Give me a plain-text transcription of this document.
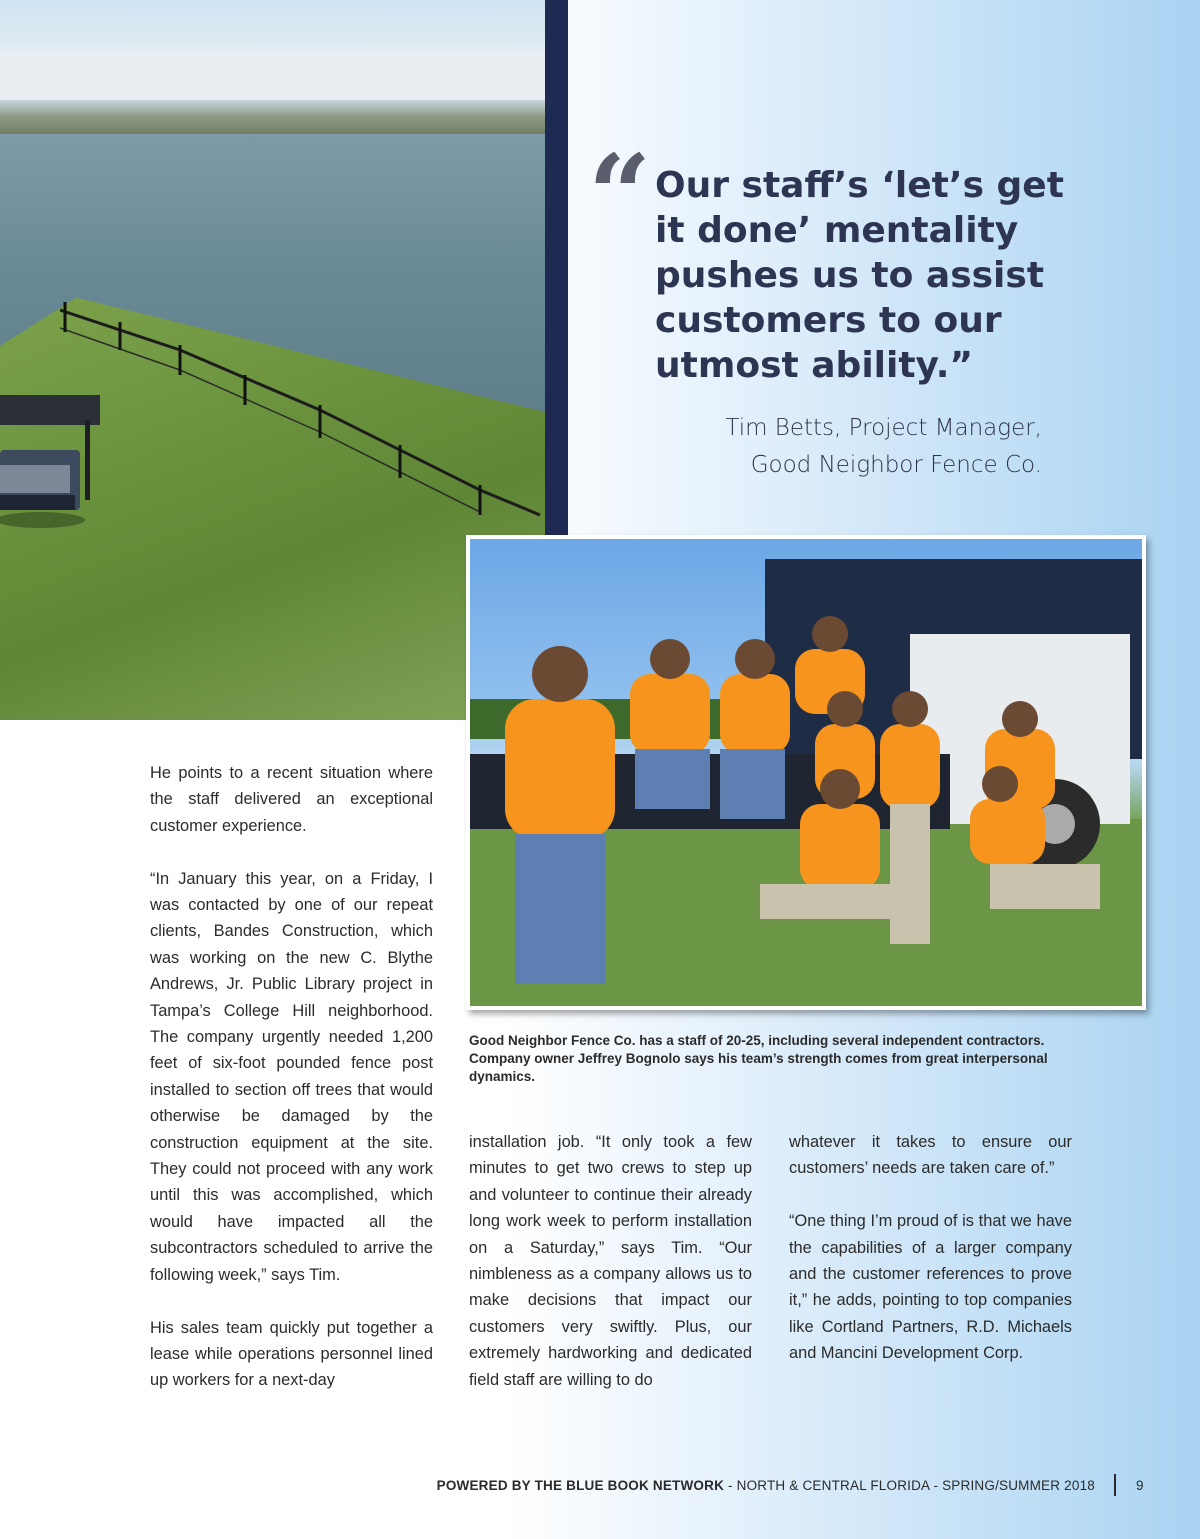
“ Our staff’s ‘let’s get it done’ mentality pushes us to assist customers to our utmost ability.”
Tim Betts, Project Manager,
Good Neighbor Fence Co.
Good Neighbor Fence Co. has a staff of 20-25, including several independent contractors. Company owner Jeffrey Bognolo says his team’s strength comes from great interpersonal dynamics.

He points to a recent situation where the staff delivered an exceptional customer experience.

“In January this year, on a Friday, I was contacted by one of our repeat clients, Bandes Construction, which was working on the new C. Blythe Andrews, Jr. Public Library project in Tampa’s College Hill neighborhood. The company urgently needed 1,200 feet of six-foot pounded fence post installed to section off trees that would otherwise be damaged by the construction equipment at the site. They could not proceed with any work until this was accomplished, which would have impacted all the subcontractors scheduled to arrive the following week,” says Tim.

His sales team quickly put together a lease while operations personnel lined up workers for a next-day

installation job. “It only took a few minutes to get two crews to step up and volunteer to continue their already long work week to perform installation on a Saturday,” says Tim. “Our nimbleness as a company allows us to make decisions that impact our customers very swiftly. Plus, our extremely hardworking and dedicated field staff are willing to do

whatever it takes to ensure our customers’ needs are taken care of.”

“One thing I’m proud of is that we have the capabilities of a larger company and the customer references to prove it,” he adds, pointing to top companies like Cortland Partners, R.D. Michaels and Mancini Development Corp.

POWERED BY THE BLUE BOOK NETWORK - NORTH & CENTRAL FLORIDA - SPRING/SUMMER 2018	9
